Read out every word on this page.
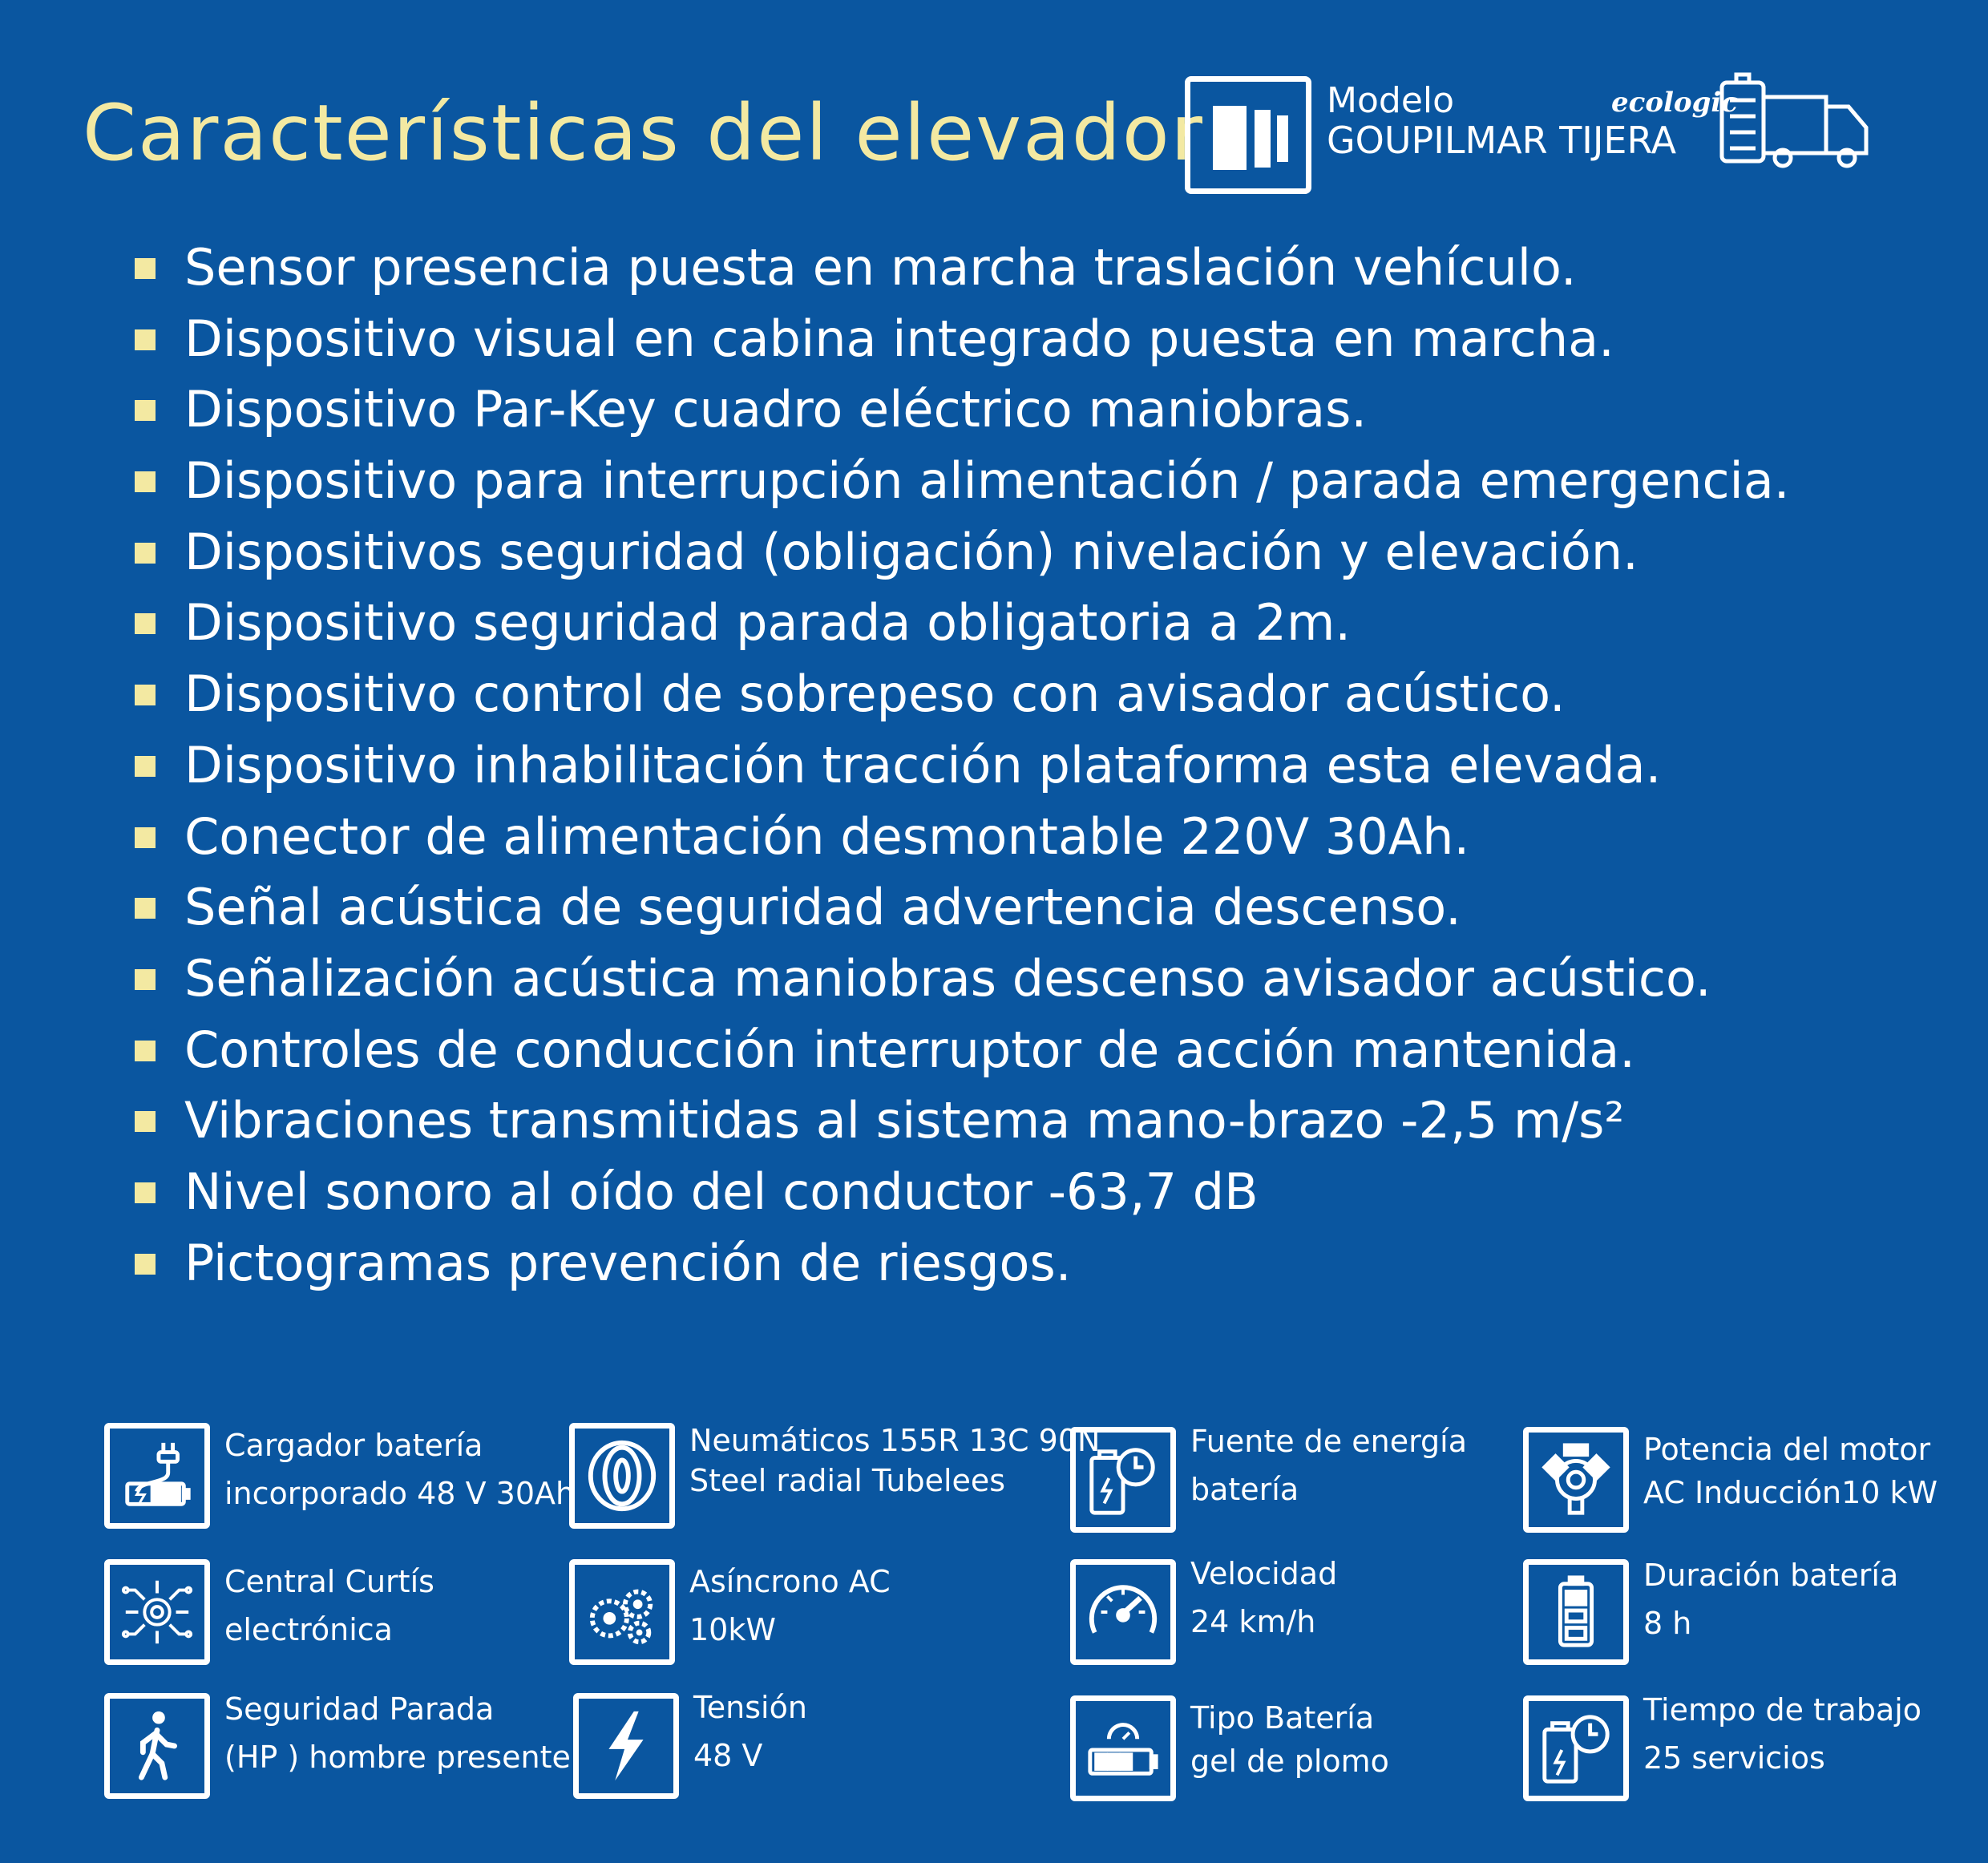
Características del elevador	Modelo
GOUPILMAR TIJERA
ecologic
Sensor presencia puesta en marcha traslación vehículo.
Dispositivo visual en cabina integrado puesta en marcha.
Dispositivo Par-Key cuadro eléctrico maniobras.
Dispositivo para interrupción alimentación / parada emergencia.
Dispositivos seguridad (obligación) nivelación y elevación.
Dispositivo seguridad parada obligatoria a 2m.
Dispositivo control de sobrepeso con avisador acústico.
Dispositivo inhabilitación tracción plataforma esta elevada.
Conector de alimentación desmontable 220V 30Ah.
Señal acústica de seguridad advertencia descenso.
Señalización acústica maniobras descenso avisador acústico.
Controles de conducción interruptor de acción mantenida.
Vibraciones transmitidas al sistema mano-brazo -2,5 m/s²
Nivel sonoro al oído del conductor -63,7 dB
Pictogramas prevención de riesgos.
Cargador batería
incorporado 48 V 30Ah
Neumáticos 155R 13C 90N
Steel radial Tubelees
Fuente de energía
batería
Potencia del motor
AC Inducción10 kW
Central Curtís
electrónica
Asíncrono AC
10kW
Velocidad
24 km/h
Duración batería
8 h
Seguridad Parada
(HP ) hombre presente
Tensión
48 V
Tipo Batería
gel de plomo
Tiempo de trabajo
25 servicios
